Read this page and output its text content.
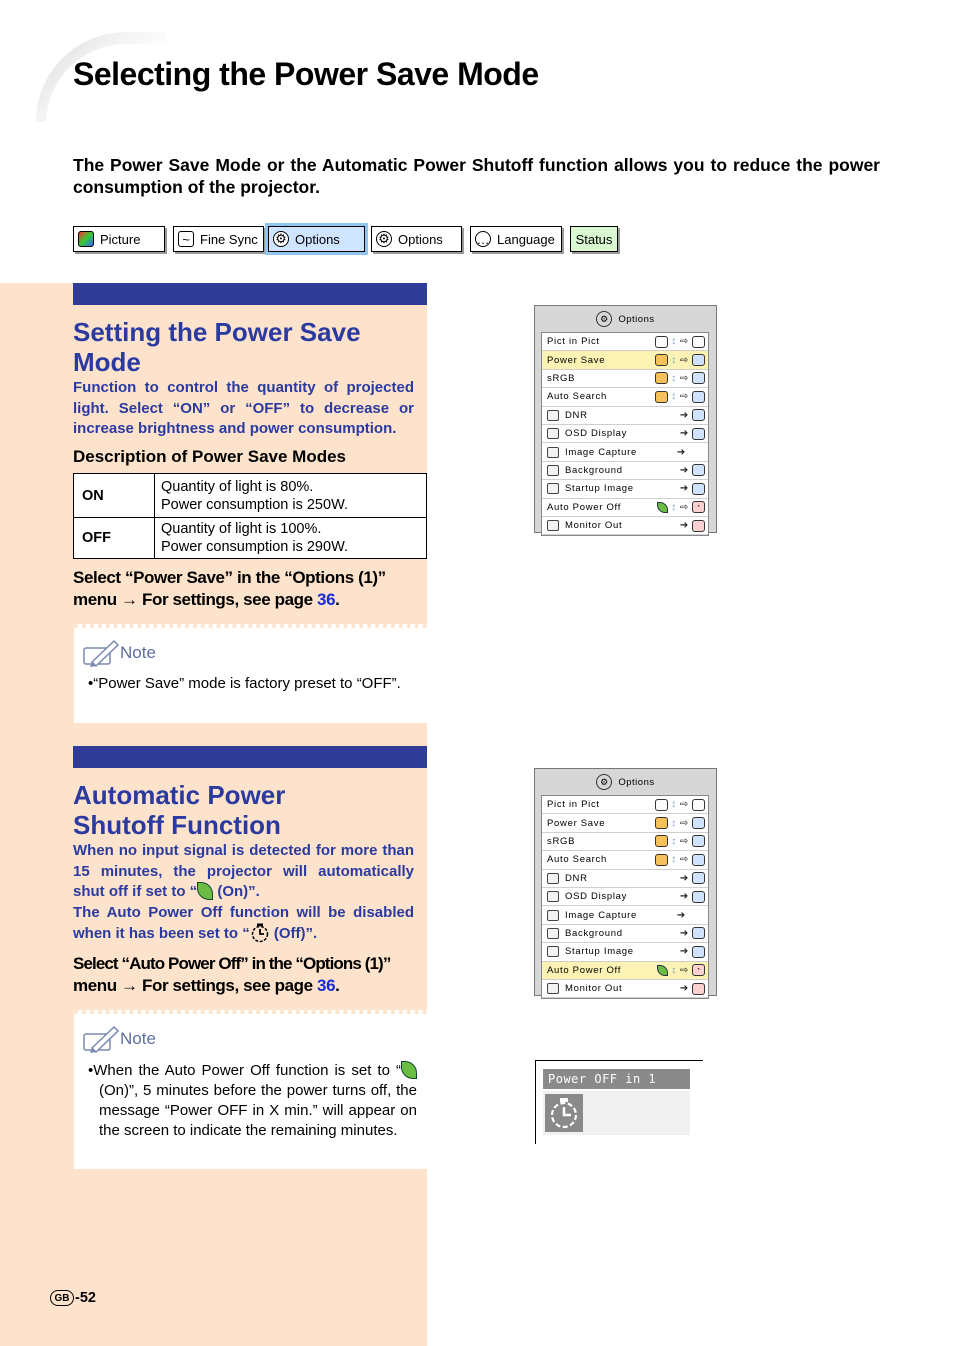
Selecting the Power Save Mode
The Power Save Mode or the Automatic Power Shutoff function allows you to reduce the power consumption of the projector.
Picture	~ Fine Sync ⚙ Options	⚙ Options	… Language Status
Setting the Power Save
Mode
Function to control the quantity of projected light. Select “ON” or “OFF” to decrease or increase brightness and power consumption.
Description of Power Save Modes
ON	Quantity of light is 80%.
Power consumption is 250W.

OFF	Quantity of light is 100%.
Power consumption is 290W.
Select “Power Save” in the “Options (1)”
menu → For settings, see page 36.
Note
•“Power Save” mode is factory preset to “OFF”.
Automatic Power
Shutoff Function
When no input signal is detected for more than 15 minutes, the projector will automatically shut off if set to “ (On)”.
The Auto Power Off function will be disabled when it has been set to “ (Off)”.
Select “Auto Power Off” in the “Options (1)”
menu → For settings, see page 36.
Note
•When the Auto Power Off function is set to “ (On)”, 5 minutes before the power turns off, the message “Power OFF in X min.” will appear on the screen to indicate the remaining minutes.
⚙	Options
Pict in Pict	↕ ⇨
Power Save	↕ ⇨
sRGB	↕ ⇨
Auto Search	↕ ⇨
DNR	➔
OSD Display	➔
Image Capture	➔
Background	➔
Startup Image	➔
Auto Power Off	↕ ⇨	◔
Monitor Out	➔
⚙	Options
Pict in Pict	↕ ⇨
Power Save	↕ ⇨
sRGB	↕ ⇨
Auto Search	↕ ⇨
DNR	➔
OSD Display	➔
Image Capture	➔
Background	➔
Startup Image	➔
Auto Power Off	↕ ⇨	◔
Monitor Out	➔
Power OFF in 1
GB -52
